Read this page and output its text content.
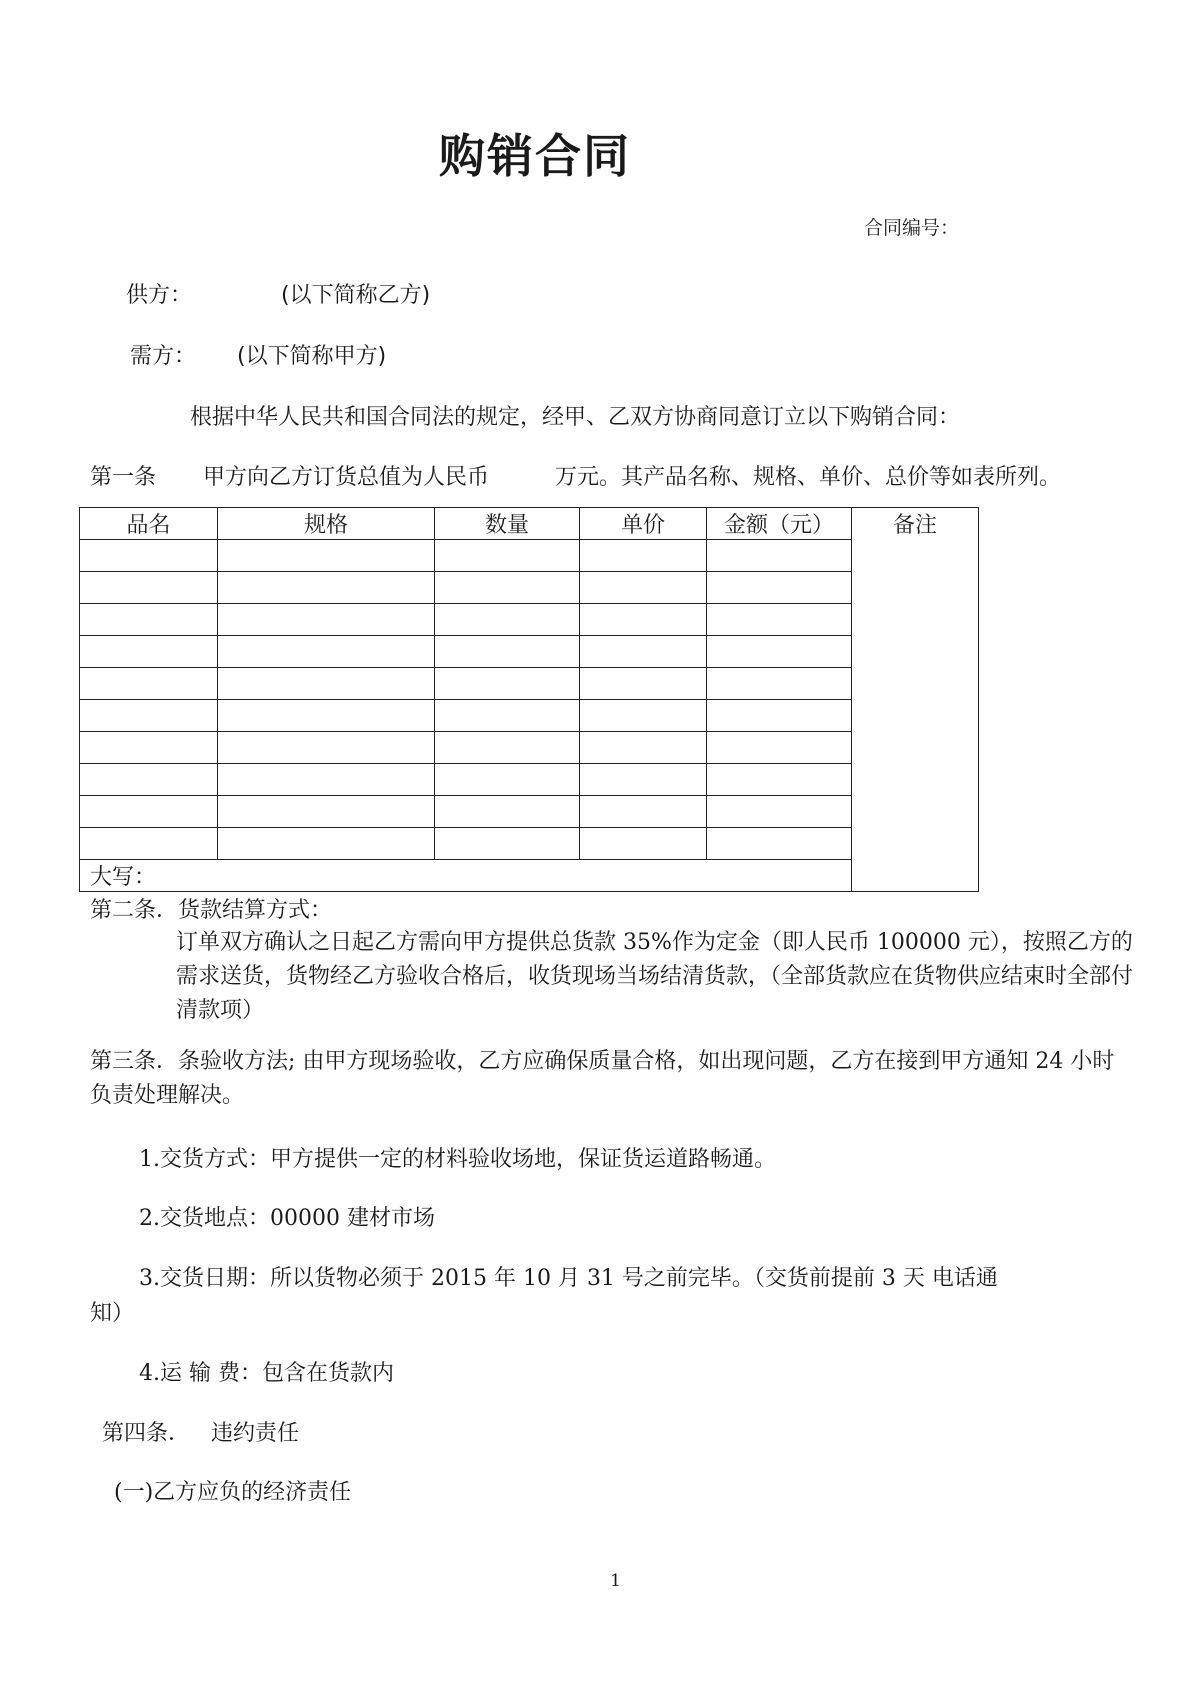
购销合同
合同编号：
供方：	(以下简称乙方)
需方： (以下简称甲方)
根据中华人民共和国合同法的规定，经甲、乙双方协商同意订立以下购销合同：
第一条 甲方向乙方订货总值为人民币	万元。其产品名称、规格、单价、总价等如表所列。
品名	规格	数量	单价	金额（元）	备注

大写：					
第二条．货款结算方式：
订单双方确认之日起乙方需向甲方提供总货款 35%作为定金（即人民币 100000 元），按照乙方的需求送货，货物经乙方验收合格后，收货现场当场结清货款，（全部货款应在货物供应结束时全部付清款项）
第三条．条验收方法; 由甲方现场验收，乙方应确保质量合格，如出现问题，乙方在接到甲方通知 24 小时负责处理解决。
1.交货方式：甲方提供一定的材料验收场地，保证货运道路畅通。
2.交货地点：00000 建材市场
3.交货日期：所以货物必须于 2015 年 10 月 31 号之前完毕。（交货前提前 3 天 电话通
知）
4.运 输 费：包含在货款内
第四条． 违约责任
(一)乙方应负的经济责任
1
